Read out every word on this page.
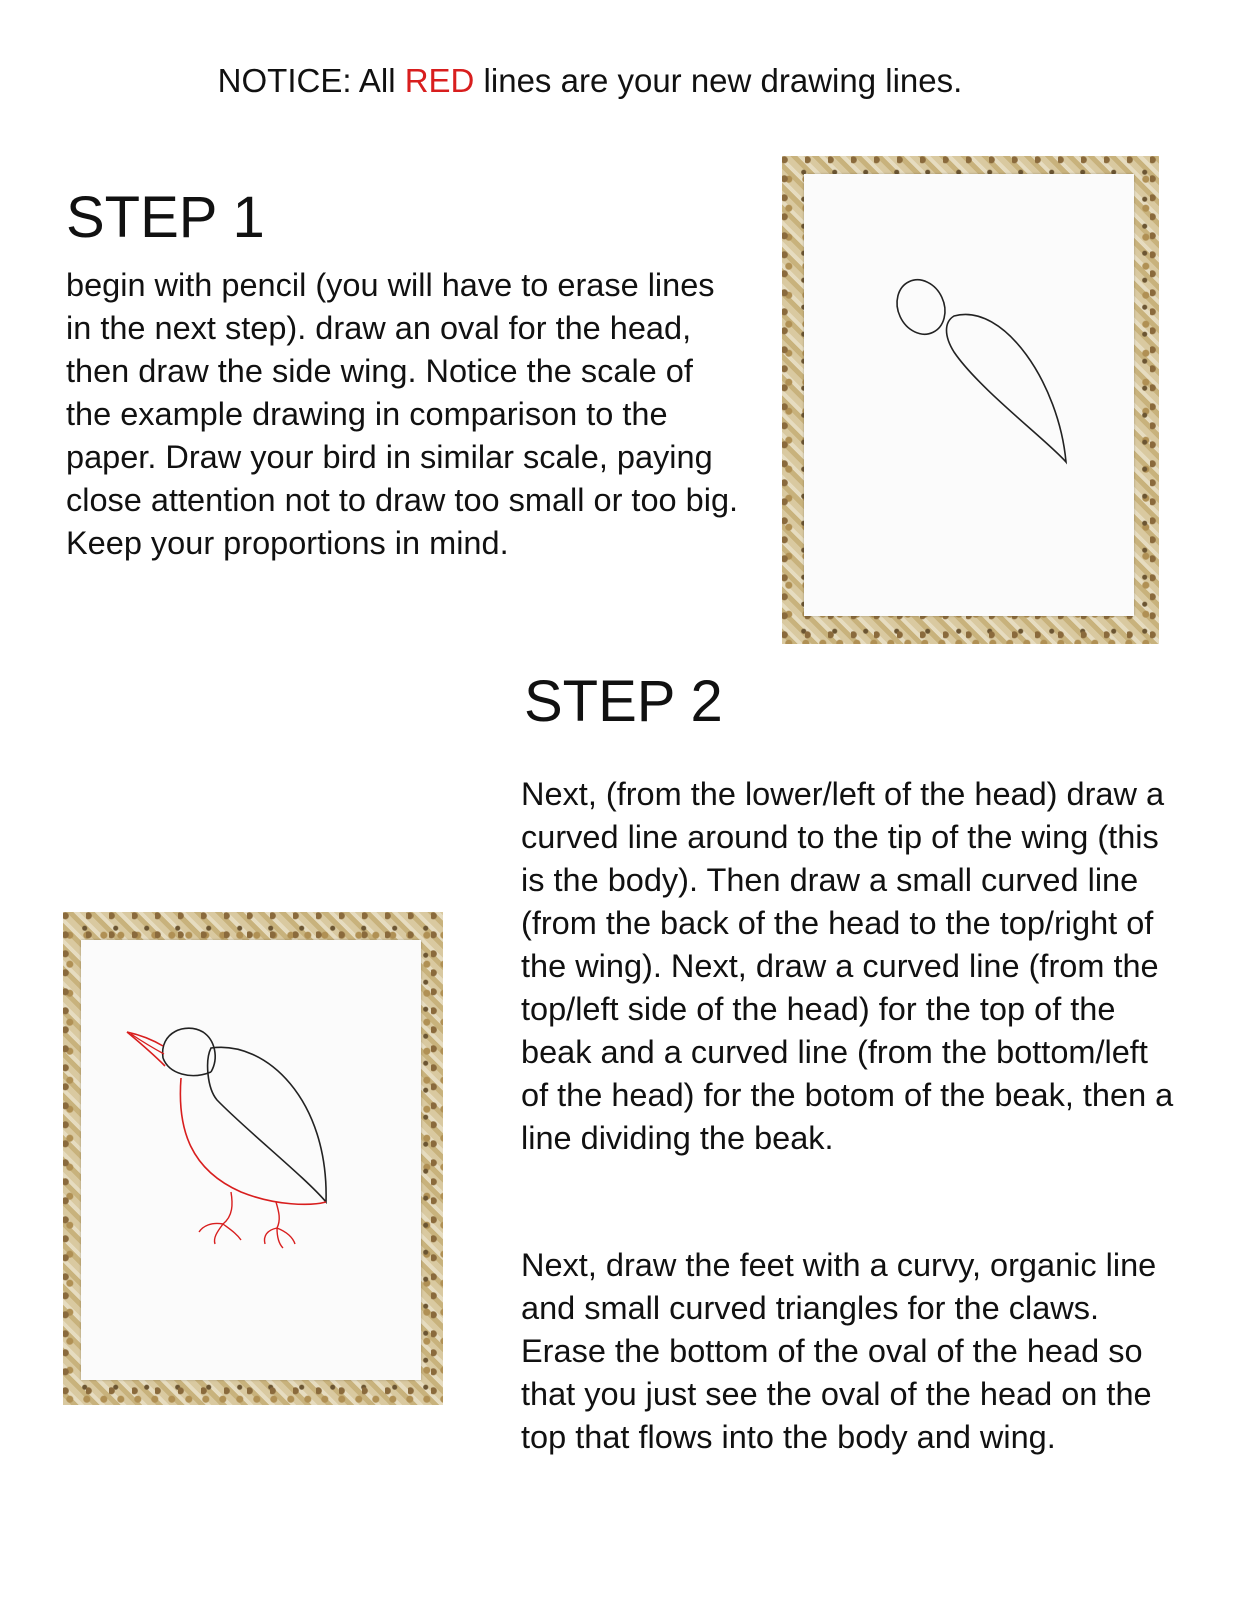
NOTICE: All RED lines are your new drawing lines.
STEP 1

begin with pencil (you will have to erase lines in the next step). draw an oval for the head, then draw the side wing. Notice the scale of the example drawing in comparison to the paper. Draw your bird in similar scale, paying close attention not to draw too small or too big. Keep your proportions in mind.

STEP 2

Next, (from the lower/left of the head) draw a curved line around to the tip of the wing (this is the body). Then draw a small curved line (from the back of the head to the top/right of the wing). Next, draw a curved line (from the top/left side of the head) for the top of the beak and a curved line (from the bottom/left of the head) for the botom of the beak, then a line dividing the beak.

Next, draw the feet with a curvy, organic line and small curved triangles for the claws. Erase the bottom of the oval of the head so that you just see the oval of the head on the top that flows into the body and wing.
